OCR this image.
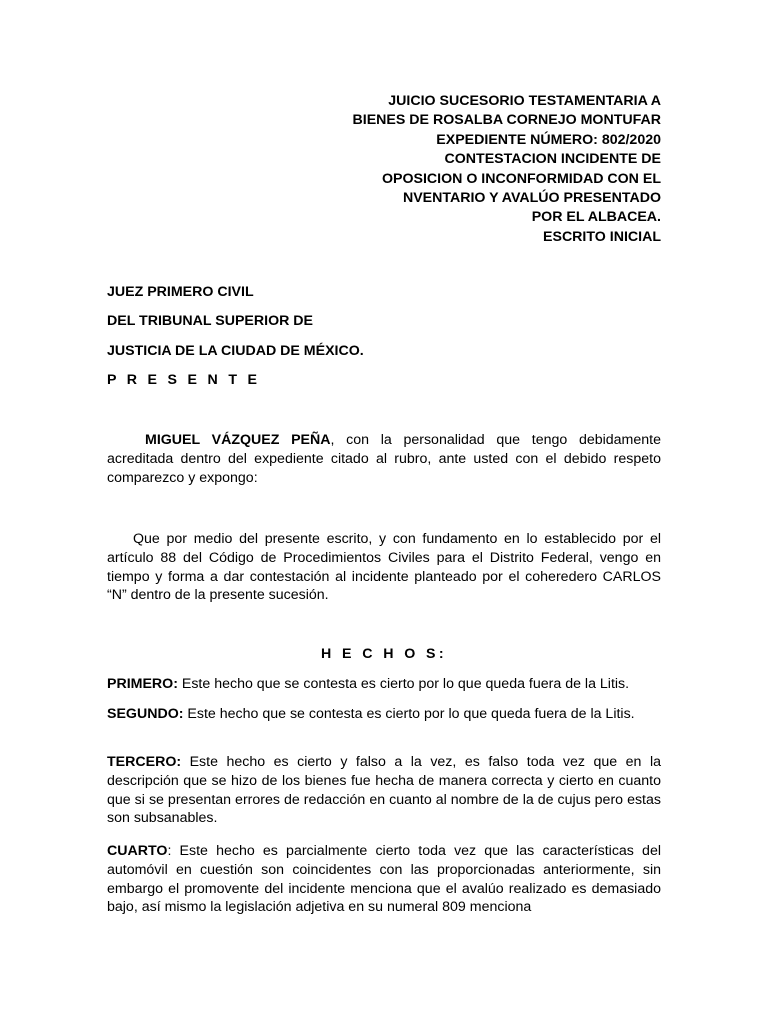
JUICIO SUCESORIO TESTAMENTARIA A
BIENES DE ROSALBA CORNEJO MONTUFAR
EXPEDIENTE NÚMERO: 802/2020
CONTESTACION INCIDENTE DE
OPOSICION O INCONFORMIDAD CON EL
NVENTARIO Y AVALÚO PRESENTADO
POR EL ALBACEA.
ESCRITO INICIAL
JUEZ PRIMERO CIVIL
DEL TRIBUNAL SUPERIOR DE
JUSTICIA DE LA CIUDAD DE MÉXICO.
P R E S E N T E

MIGUEL VÁZQUEZ PEÑA, con la personalidad que tengo debidamente acreditada dentro del expediente citado al rubro, ante usted con el debido respeto comparezco y expongo:

Que por medio del presente escrito, y con fundamento en lo establecido por el artículo 88 del Código de Procedimientos Civiles para el Distrito Federal, vengo en tiempo y forma a dar contestación al incidente planteado por el coheredero CARLOS “N” dentro de la presente sucesión.

H E C H O S:

PRIMERO: Este hecho que se contesta es cierto por lo que queda fuera de la Litis.

SEGUNDO: Este hecho que se contesta es cierto por lo que queda fuera de la Litis.

TERCERO: Este hecho es cierto y falso a la vez, es falso toda vez que en la descripción que se hizo de los bienes fue hecha de manera correcta y cierto en cuanto que si se presentan errores de redacción en cuanto al nombre de la de cujus pero estas son subsanables.

CUARTO: Este hecho es parcialmente cierto toda vez que las características del automóvil en cuestión son coincidentes con las proporcionadas anteriormente, sin embargo el promovente del incidente menciona que el avalúo realizado es demasiado bajo, así mismo la legislación adjetiva en su numeral 809 menciona
